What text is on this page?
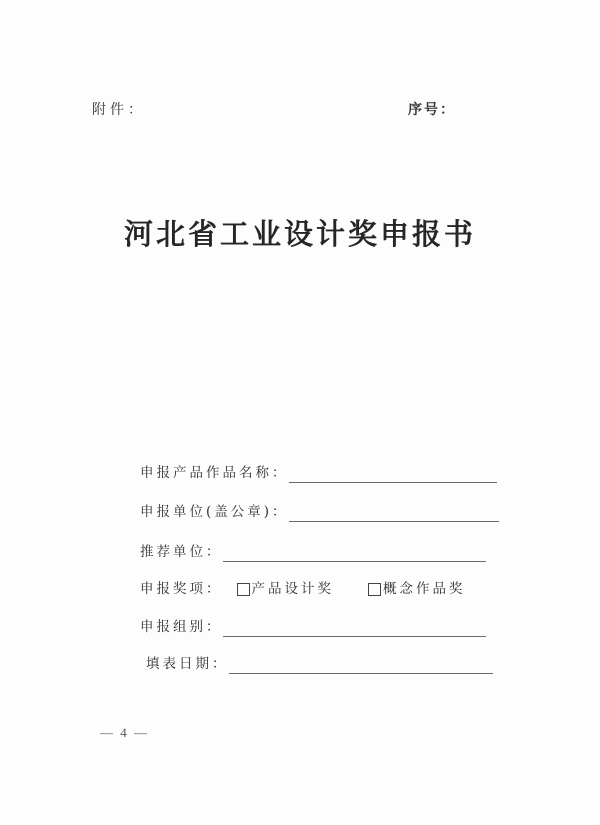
附件：	序号：
河北省工业设计奖申报书
申报产品作品名称：
申报单位(盖公章)：
推荐单位：
申报奖项： 产品设计奖	概念作品奖
申报组别：
填表日期：
— 4 —
